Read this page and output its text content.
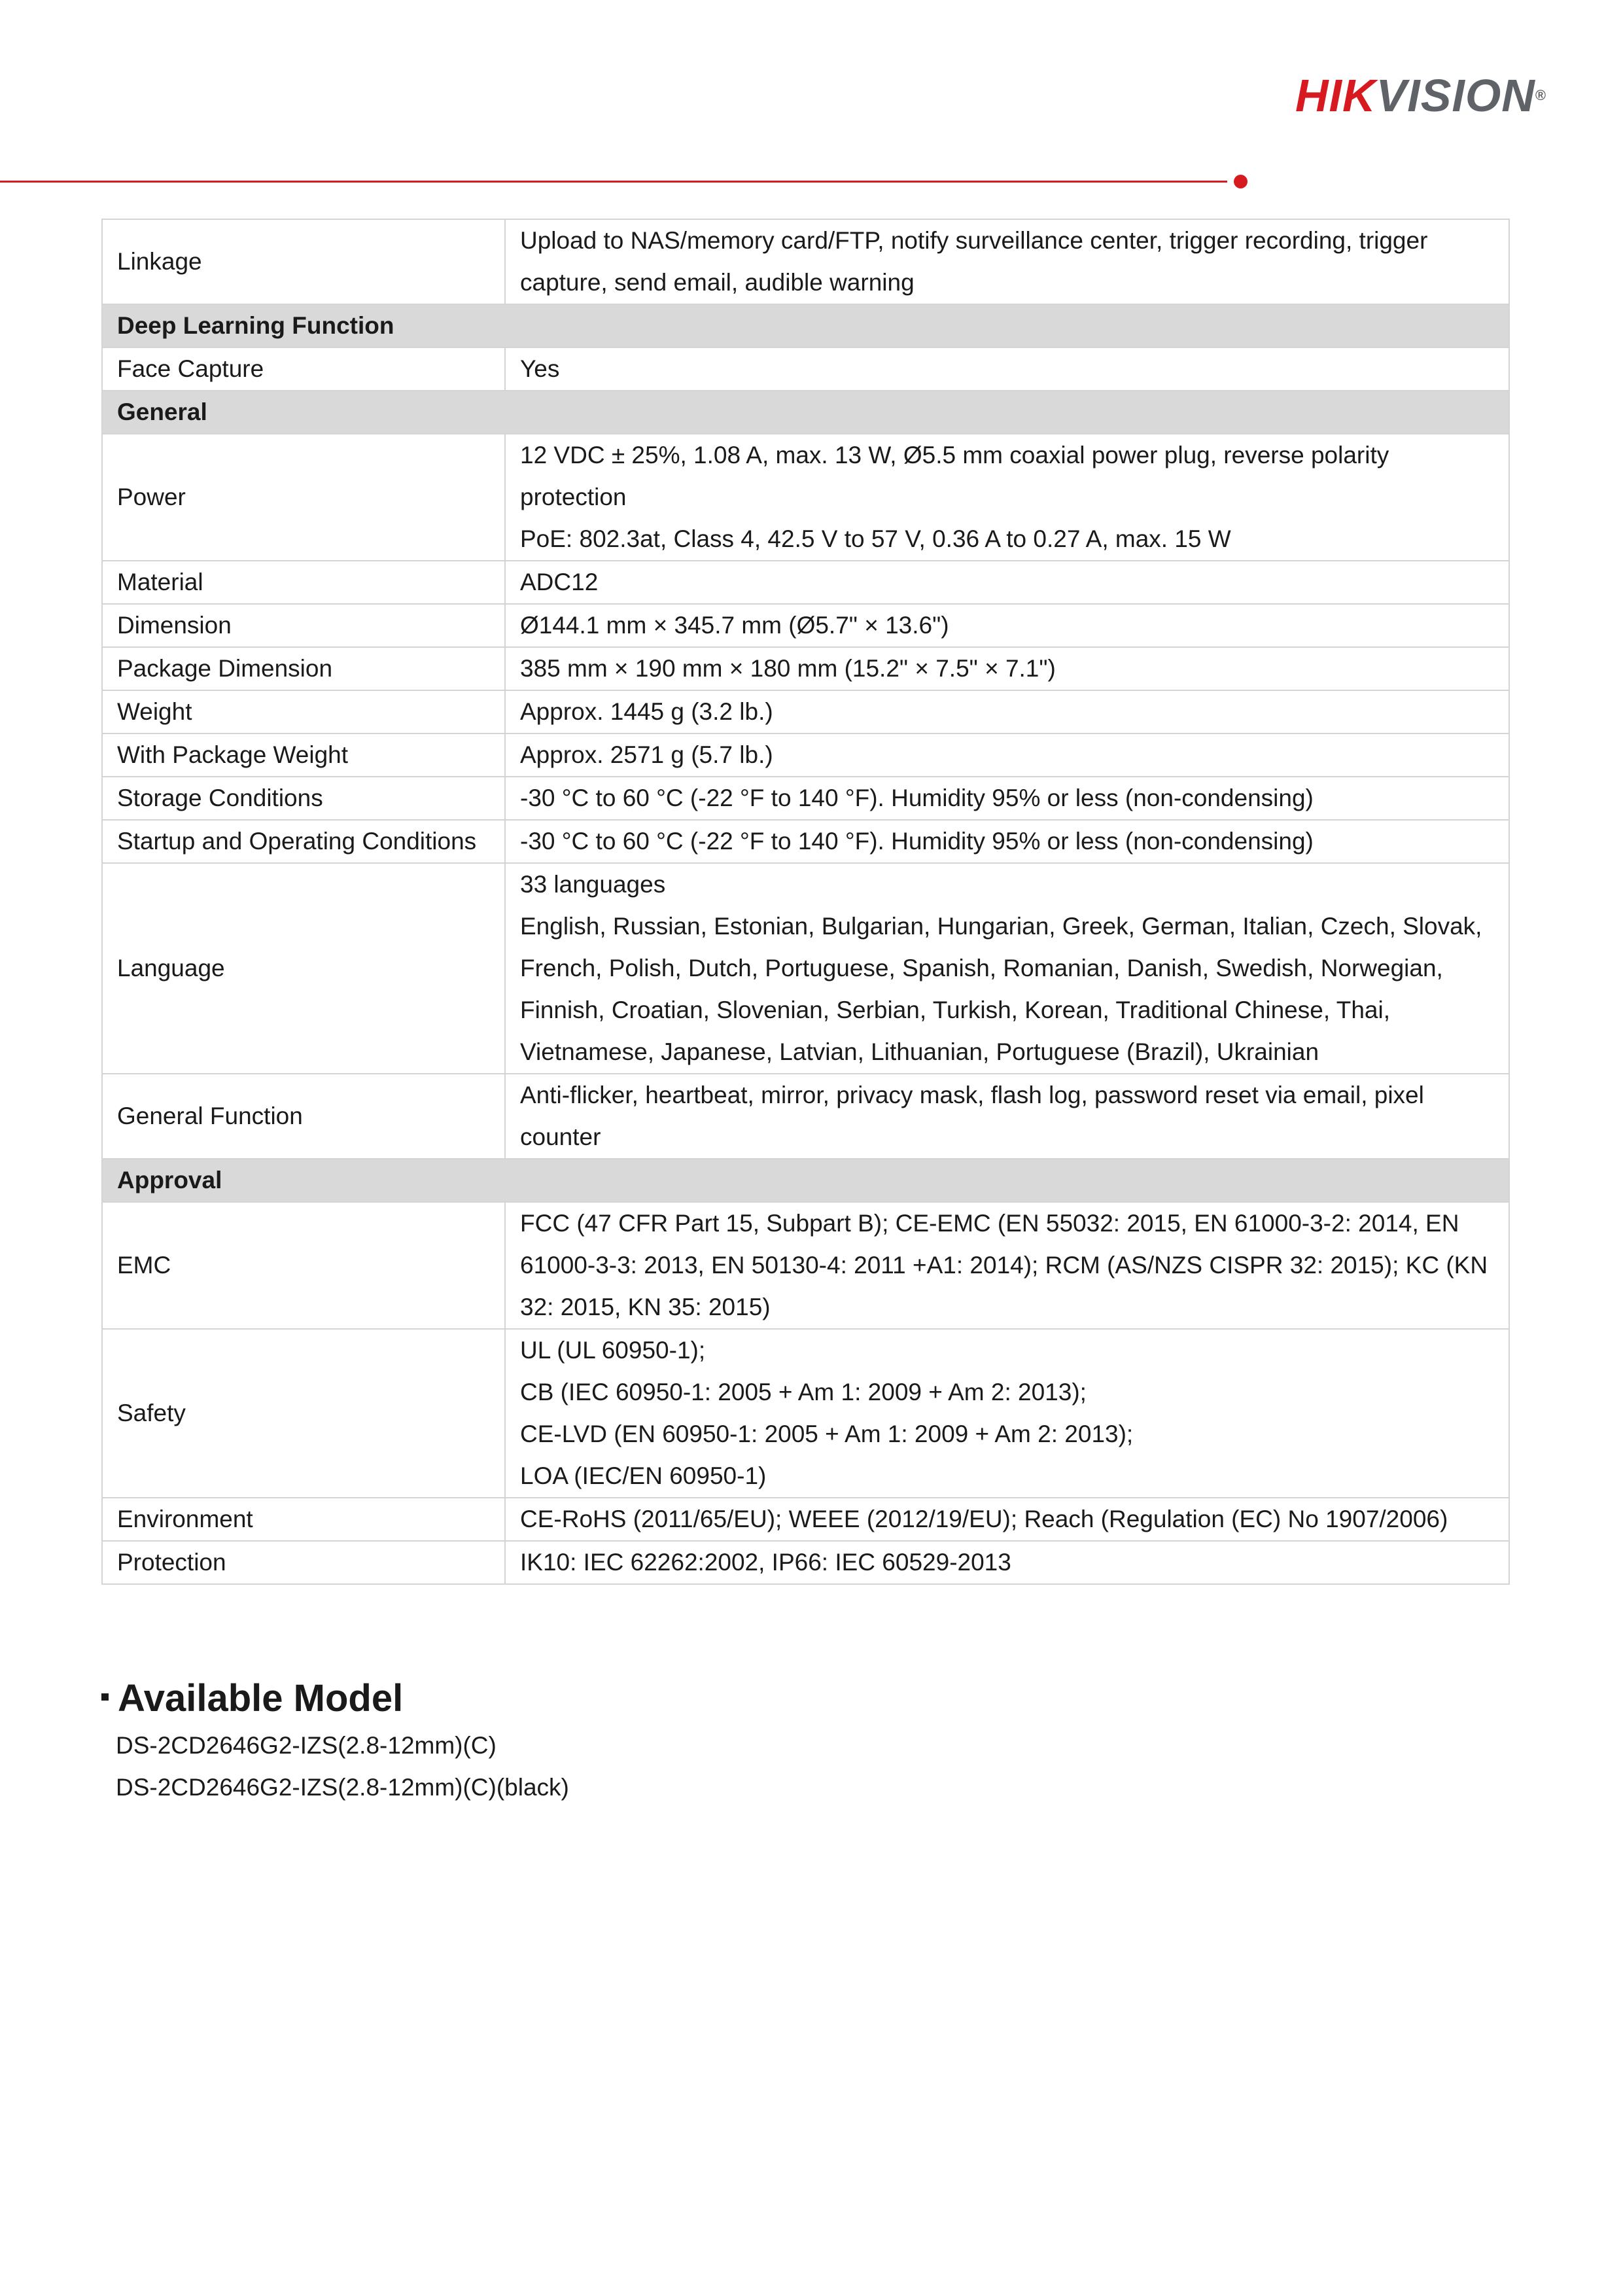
HIKVISION®
Linkage	Upload to NAS/memory card/FTP, notify surveillance center, trigger recording, trigger capture, send email, audible warning

Deep Learning Function	
Face Capture	Yes

General	
Power	12 VDC ± 25%, 1.08 A, max. 13 W, Ø5.5 mm coaxial power plug, reverse polarity protection
PoE: 802.3at, Class 4, 42.5 V to 57 V, 0.36 A to 0.27 A, max. 15 W

Material	ADC12

Dimension	Ø144.1 mm × 345.7 mm (Ø5.7" × 13.6")

Package Dimension	385 mm × 190 mm × 180 mm (15.2" × 7.5" × 7.1")

Weight	Approx. 1445 g (3.2 lb.)

With Package Weight	Approx. 2571 g (5.7 lb.)

Storage Conditions	-30 °C to 60 °C (-22 °F to 140 °F). Humidity 95% or less (non-condensing)

Startup and Operating Conditions	-30 °C to 60 °C (-22 °F to 140 °F). Humidity 95% or less (non-condensing)

Language	33 languages
English, Russian, Estonian, Bulgarian, Hungarian, Greek, German, Italian, Czech, Slovak, French, Polish, Dutch, Portuguese, Spanish, Romanian, Danish, Swedish, Norwegian, Finnish, Croatian, Slovenian, Serbian, Turkish, Korean, Traditional Chinese, Thai, Vietnamese, Japanese, Latvian, Lithuanian, Portuguese (Brazil), Ukrainian

General Function	Anti-flicker, heartbeat, mirror, privacy mask, flash log, password reset via email, pixel counter

Approval	
EMC	FCC (47 CFR Part 15, Subpart B); CE-EMC (EN 55032: 2015, EN 61000-3-2: 2014, EN 61000-3-3: 2013, EN 50130-4: 2011 +A1: 2014); RCM (AS/NZS CISPR 32: 2015); KC (KN 32: 2015, KN 35: 2015)

Safety	UL (UL 60950-1);
CB (IEC 60950-1: 2005 + Am 1: 2009 + Am 2: 2013);
CE-LVD (EN 60950-1: 2005 + Am 1: 2009 + Am 2: 2013);
LOA (IEC/EN 60950-1)

Environment	CE-RoHS (2011/65/EU); WEEE (2012/19/EU); Reach (Regulation (EC) No 1907/2006)

Protection	IK10: IEC 62262:2002, IP66: IEC 60529-2013
Available Model
DS-2CD2646G2-IZS(2.8-12mm)(C)
DS-2CD2646G2-IZS(2.8-12mm)(C)(black)
